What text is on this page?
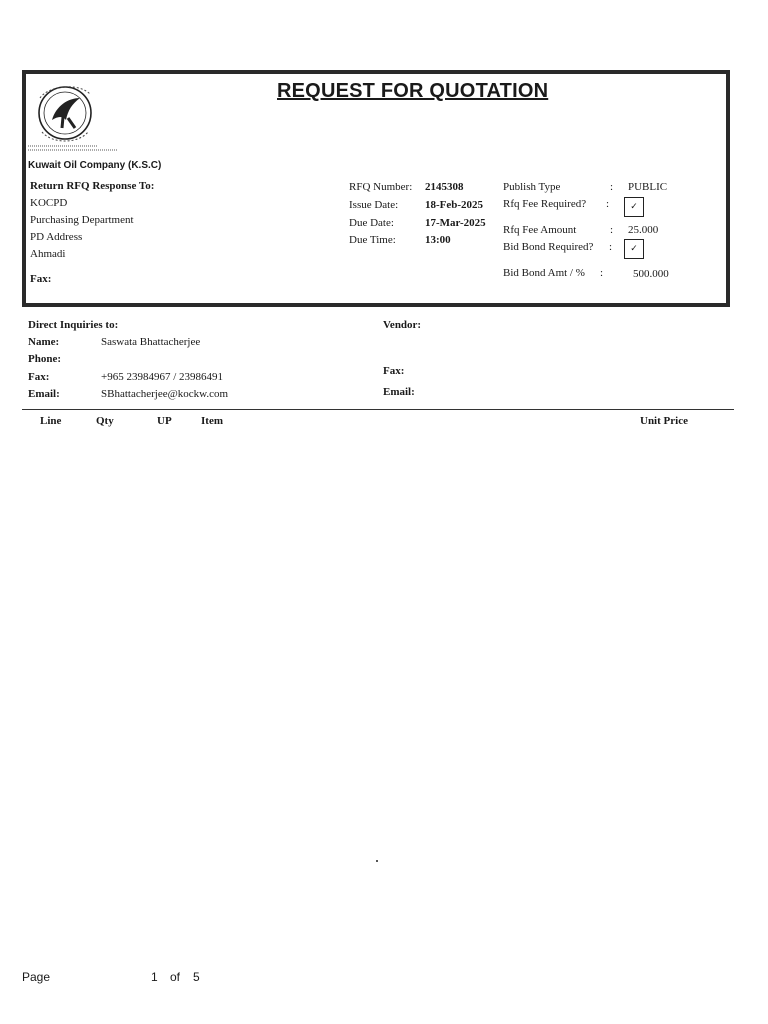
REQUEST FOR QUOTATION
Kuwait Oil Company (K.S.C)
Return RFQ Response To:
KOCPD
Purchasing Department
PD Address
Ahmadi
Fax:
RFQ Number: 2145308
Issue Date: 18-Feb-2025
Due Date:	17-Mar-2025
Due Time:	13:00
Publish Type	: PUBLIC
Rfq Fee Required? :	✓
Rfq Fee Amount	: 25.000
Bid Bond Required? :	✓
Bid Bond Amt / % :	500.000
Direct Inquiries to:
Name:	Saswata Bhattacherjee
Phone:
Fax:	+965 23984967 / 23986491
Email:	SBhattacherjee@kockw.com
Vendor:
Fax:
Email:
Line	Qty	UP	Item	Unit Price
Page	1 of 5
